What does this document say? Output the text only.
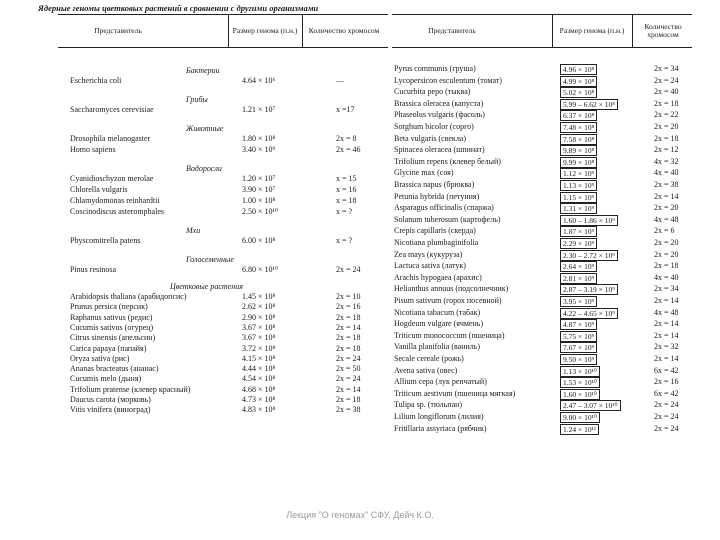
Ядерные геномы цветковых растений в сравнении с другими организмами
Представитель	Размер генома (п.н.)	Количество хромосом
Бактерии
Escherichia coli	4.64 × 10⁶	—
Грибы
Saccharomyces cerevisiae	1.21 × 10⁷	x =17
Животные
Drosophila melanogaster	1.80 × 10⁸	2x = 8
Homo sapiens	3.40 × 10⁹	2x = 46
Водоросли
Cyanidioschyzon merolae	1.20 × 10⁷	x = 15
Chlorella vulgaris	3.90 × 10⁷	x = 16
Chlamydomonas reinhardtii	1.00 × 10⁸	x = 18
Coscinodiscus asteromphales	2.50 × 10¹⁰	x = ?
Мхи
Physcomitrella patens	6.00 × 10⁸	x = ?
Голосеменные
Pinus resinosa	6.80 × 10¹⁰	2x = 24
Цветковые растения
Arabidopsis thaliana (арабидопсис)	1.45 × 10⁸	2x = 10
Prunus persica (персик)	2.62 × 10⁸	2x = 16
Raphanus sativus (редис)	2.90 × 10⁸	2x = 18
Cucumis sativus (огурец)	3.67 × 10⁸	2x = 14
Citrus sinensis (апельсин)	3.67 × 10⁸	2x = 18
Carica papaya (папайя)	3.72 × 10⁸	2x = 18
Oryza sativa (рис)	4.15 × 10⁸	2x = 24
Ananas bracteatus (ананас)	4.44 × 10⁸	2x = 50
Cucumis melo (дыня)	4.54 × 10⁸	2x = 24
Trifolium pratense (клевер красный)	4.68 × 10⁸	2x = 14
Daucus carota (морковь)	4.73 × 10⁸	2x = 18
Vitis vinifera (виноград)	4.83 × 10⁸	2x = 38
Представитель	Размер генома (п.н.)	Количество хромосом
Pyrus communis (груша)	4.96 × 10⁸	2x = 34
Lycopersicon esculentum (томат)	4.99 × 10⁸	2x = 24
Cucurbita pepo (тыква)	5.02 × 10⁸	2x = 40
Brassica oleracea (капуста)	5.99 – 6.62 × 10⁸	2x = 18
Phaseolus vulgaris (фасоль)	6.37 × 10⁸	2x = 22
Sorghum bicolor (сорго)	7.48 × 10⁸	2x = 20
Beta vulgaris (свекла)	7.58 × 10⁸	2x = 18
Spinacea oleracea (шпинат)	9.89 × 10⁸	2x = 12
Trifolium repens (клевер белый)	9.99 × 10⁸	4x = 32
Glycine max (соя)	1.12 × 10⁹	4x = 40
Brassica napus (брюква)	1.13 × 10⁹	2x = 38
Petunia hybrida (петуния)	1.15 × 10⁹	2x = 14
Asparagus officinalis (спаржа)	1.31 × 10⁹	2x = 20
Solanum tuberosum (картофель)	1.60 – 1.86 × 10⁹	4x = 48
Crepis capillaris (скерда)	1.87 × 10⁹	2x = 6
Nicotiana plumbaginifolia	2.29 × 10⁹	2x = 20
Zea mays (кукуруза)	2.30 – 2.72 × 10⁹	2x = 20
Lactuca sativa (латук)	2.64 × 10⁹	2x = 18
Arachis hypogaea (арахис)	2.81 × 10⁹	4x = 40
Helianthus annuus (подсолнечник)	2.87 – 3.19 × 10⁹	2x = 34
Pisum sativum (горох посевной)	3.95 × 10⁹	2x = 14
Nicotiana tabacum (табак)	4.22 – 4.65 × 10⁹	4x = 48
Hogdeum vulgare (ячмень)	4.87 × 10⁹	2x = 14
Triticum monococcum (пшеница)	5.75 × 10⁹	2x = 14
Vanilla planifolia (ваниль)	7.67 × 10⁹	2x = 32
Secale cereale (рожь)	9.50 × 10⁹	2x = 14
Avena sativa (овес)	1.13 × 10¹⁰	6x = 42
Allium cepa (лук репчатый)	1.53 × 10¹⁰	2x = 16
Triticum aestivum (пшеница мягкая)	1.60 × 10¹⁰	6x = 42
Tulipa sp. (тюльпан)	2.47 – 3.07 × 10¹⁰	2x = 24
Lilium longiflorum (лилия)	9.00 × 10¹⁰	2x = 24
Fritillaria assyriaca (рябчик)	1.24 × 10¹¹	2x = 24
Лекция "О геномах" СФУ. Дейч К.О.
